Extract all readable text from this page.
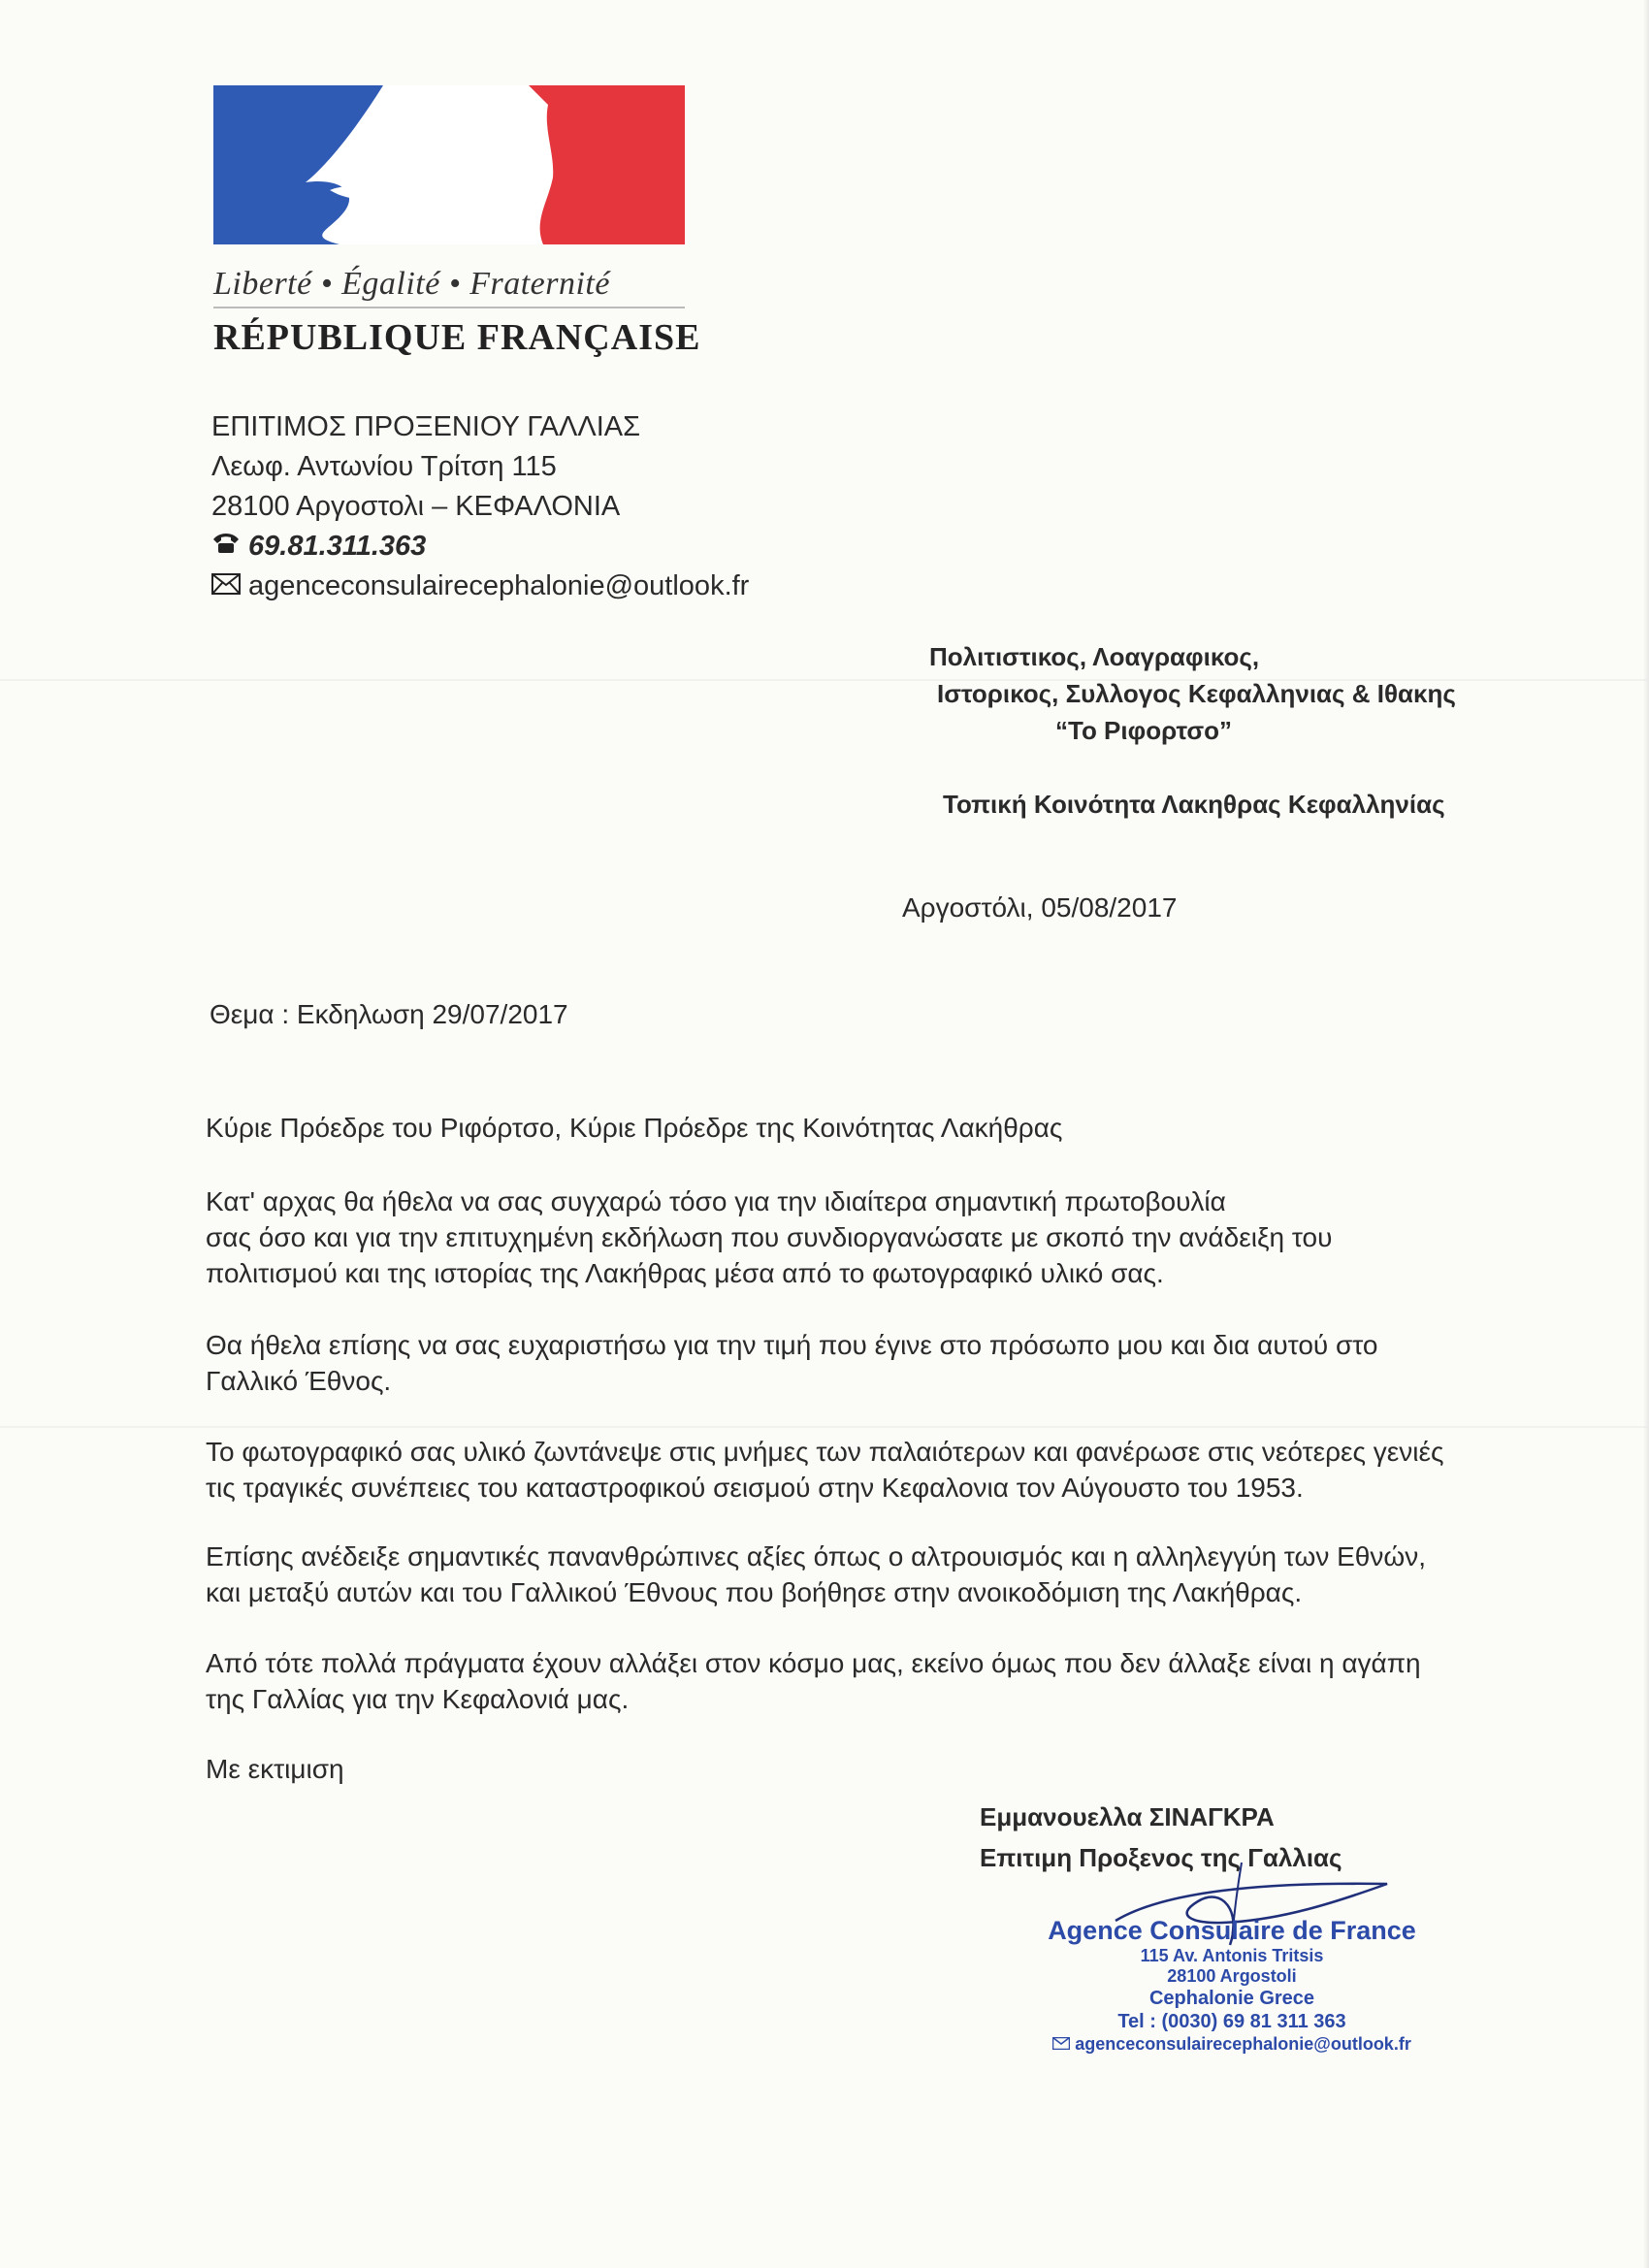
Liberté • Égalité • Fraternité
RÉPUBLIQUE FRANÇAISE
ΕΠΙΤΙΜΟΣ ΠΡΟΞΕΝΙΟΥ ΓΑΛΛΙΑΣ
Λεωφ. Αντωνίου Τρίτση 115
28100 Αργοστολι – ΚΕΦΑΛΟΝΙΑ
69.81.311.363
agenceconsulairecephalonie@outlook.fr
Πολιτιστικος, Λοαγραφικος,
Ιστορικος, Συλλογος Κεφαλληνιας & Ιθακης
“Το Ριφορτσο”
Τοπική Κοινότητα Λακηθρας Κεφαλληνίας
Αργοστόλι, 05/08/2017
Θεμα : Εκδηλωση 29/07/2017
Κύριε Πρόεδρε του Ριφόρτσο, Κύριε Πρόεδρε της Κοινότητας Λακήθρας
Κατ' αρχας θα ήθελα να σας συγχαρώ τόσο για την ιδιαίτερα σημαντική πρωτοβουλία
σας όσο και για την επιτυχημένη εκδήλωση που συνδιοργανώσατε με σκοπό την ανάδειξη του
πολιτισμού και της ιστορίας της Λακήθρας μέσα από το φωτογραφικό υλικό σας.
Θα ήθελα επίσης να σας ευχαριστήσω για την τιμή που έγινε στο πρόσωπο μου και δια αυτού στο
Γαλλικό Έθνος.
Το φωτογραφικό σας υλικό ζωντάνεψε στις μνήμες των παλαιότερων και φανέρωσε στις νεότερες γενιές
τις τραγικές συνέπειες του καταστροφικού σεισμού στην Κεφαλονια τον Αύγουστο του 1953.
Επίσης ανέδειξε σημαντικές πανανθρώπινες αξίες όπως ο αλτρουισμός και η αλληλεγγύη των Εθνών,
και μεταξύ αυτών και του Γαλλικού Έθνους που βοήθησε στην ανοικοδόμιση της Λακήθρας.
Από τότε πολλά πράγματα έχουν αλλάξει στον κόσμο μας, εκείνο όμως που δεν άλλαξε είναι η αγάπη
της Γαλλίας για την Κεφαλονιά μας.
Με εκτιμιση
Εμμανουελλα ΣΙΝΑΓΚΡΑ
Επιτιμη Προξενος της Γαλλιας
Agence Consulaire de France
115 Av. Antonis Tritsis
28100 Argostoli
Cephalonie Grece
Tel : (0030) 69 81 311 363
agenceconsulairecephalonie@outlook.fr
